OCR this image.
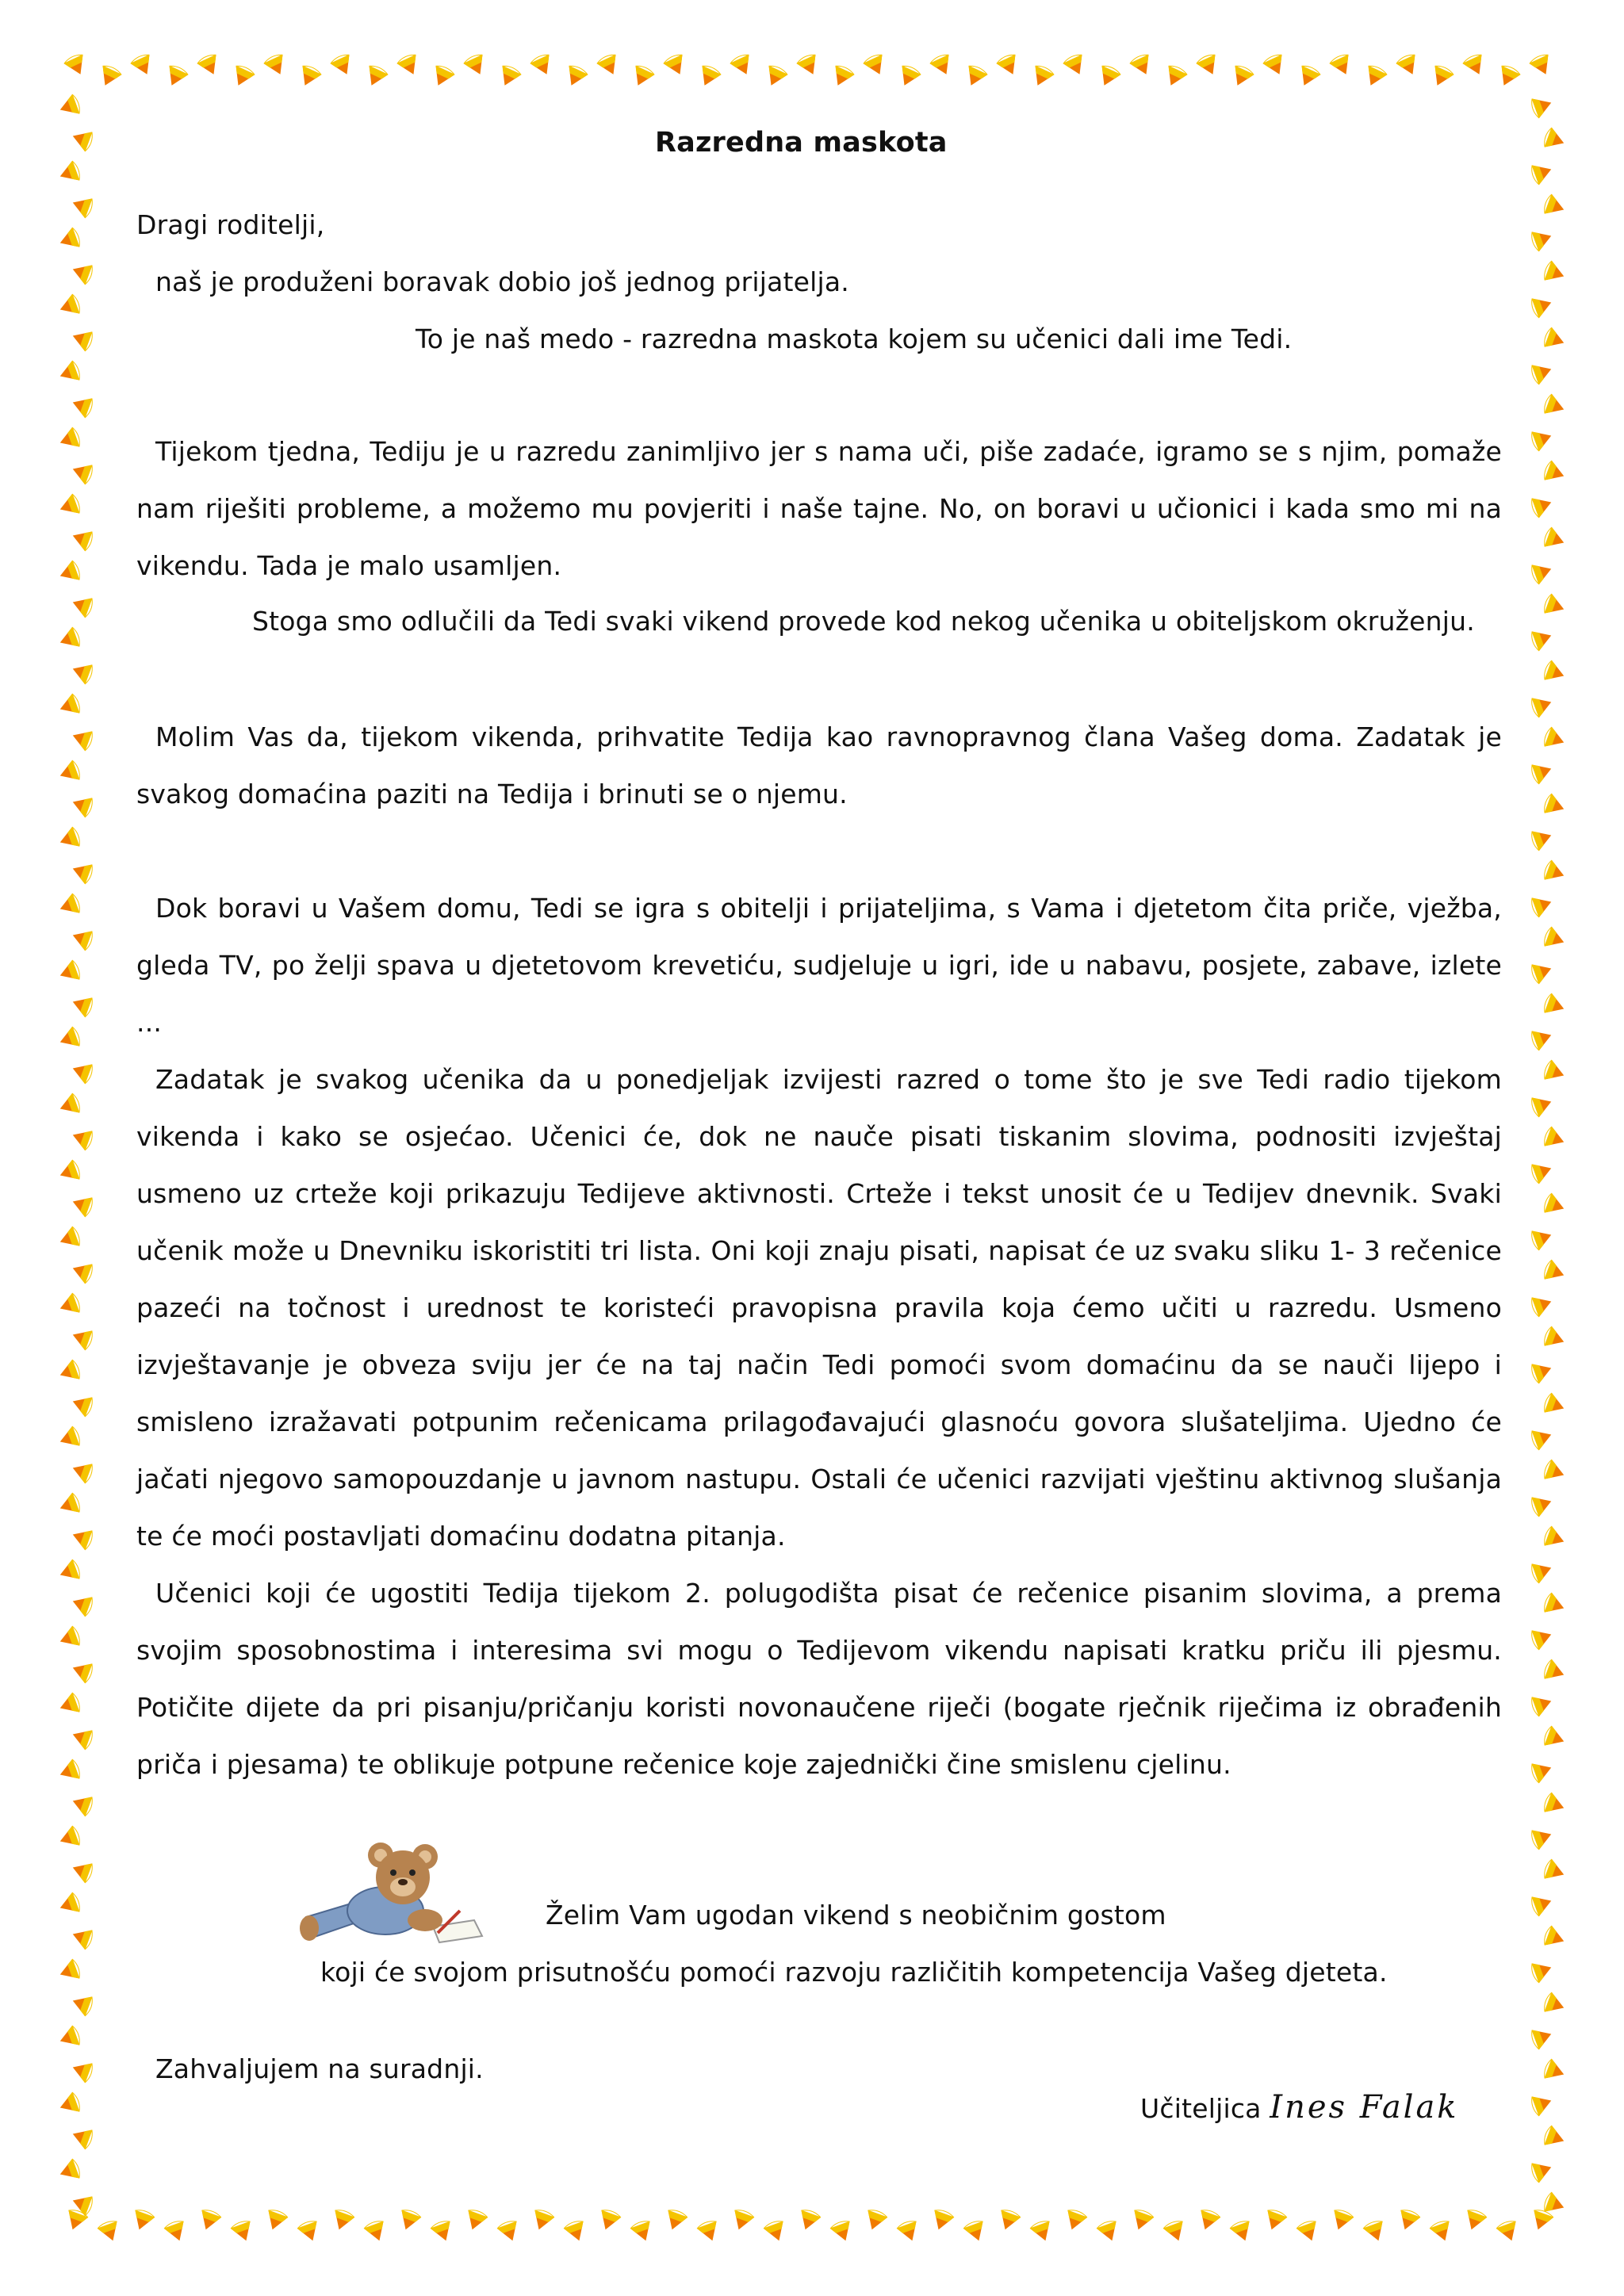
Razredna maskota
Dragi roditelji,
naš je produženi boravak dobio još jednog prijatelja.
To je naš medo - razredna maskota kojem su učenici dali ime Tedi.
Tijekom tjedna, Tediju je u razredu zanimljivo jer s nama uči, piše zadaće, igramo se s njim, pomaže nam riješiti probleme, a možemo mu povjeriti i naše tajne. No, on boravi u učionici i kada smo mi na vikendu. Tada je malo usamljen.
Stoga smo odlučili da Tedi svaki vikend provede kod nekog učenika u obiteljskom okruženju.
Molim Vas da, tijekom vikenda, prihvatite Tedija kao ravnopravnog člana Vašeg doma. Zadatak je svakog domaćina paziti na Tedija i brinuti se o njemu.
Dok boravi u Vašem domu, Tedi se igra s obitelji i prijateljima, s Vama i djetetom čita priče, vježba, gleda TV, po želji spava u djetetovom krevetiću, sudjeluje u igri, ide u nabavu, posjete, zabave, izlete ...
Zadatak je svakog učenika da u ponedjeljak izvijesti razred o tome što je sve Tedi radio tijekom vikenda i kako se osjećao. Učenici će, dok ne nauče pisati tiskanim slovima, podnositi izvještaj usmeno uz crteže koji prikazuju Tedijeve aktivnosti. Crteže i tekst unosit će u Tedijev dnevnik. Svaki učenik može u Dnevniku iskoristiti tri lista. Oni koji znaju pisati, napisat će uz svaku sliku 1- 3 rečenice pazeći na točnost i urednost te koristeći pravopisna pravila koja ćemo učiti u razredu. Usmeno izvještavanje je obveza sviju jer će na taj način Tedi pomoći svom domaćinu da se nauči lijepo i smisleno izražavati potpunim rečenicama prilagođavajući glasnoću govora slušateljima. Ujedno će jačati njegovo samopouzdanje u javnom nastupu. Ostali će učenici razvijati vještinu aktivnog slušanja te će moći postavljati domaćinu dodatna pitanja.
Učenici koji će ugostiti Tedija tijekom 2. polugodišta pisat će rečenice pisanim slovima, a prema svojim sposobnostima i interesima svi mogu o Tedijevom vikendu napisati kratku priču ili pjesmu. Potičite dijete da pri pisanju/pričanju koristi novonaučene riječi (bogate rječnik riječima iz obrađenih priča i pjesama) te oblikuje potpune rečenice koje zajednički čine smislenu cjelinu.
Želim Vam ugodan vikend s neobičnim gostom
koji će svojom prisutnošću pomoći razvoju različitih kompetencija Vašeg djeteta.
Zahvaljujem na suradnji.
Učiteljica Ines Falak
